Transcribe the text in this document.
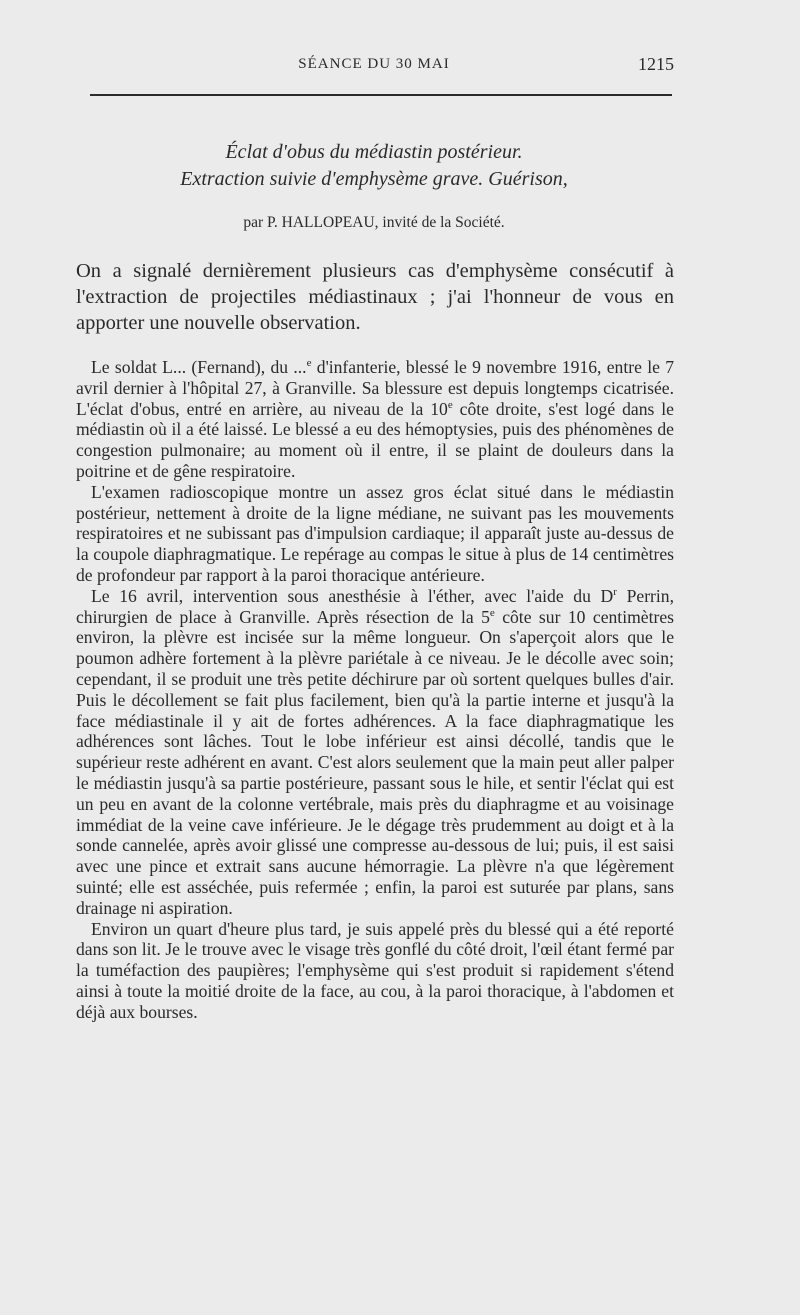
SÉANCE DU 30 MAI	1215
Éclat d'obus du médiastin postérieur.
Extraction suivie d'emphysème grave. Guérison,
par P. HALLOPEAU, invité de la Société.
On a signalé dernièrement plusieurs cas d'emphysème consécutif à l'extraction de projectiles médiastinaux ; j'ai l'honneur de vous en apporter une nouvelle observation.

Le soldat L... (Fernand), du ...$^e$ d'infanterie, blessé le 9 novembre 1916, entre le 7 avril dernier à l'hôpital 27, à Granville. Sa blessure est depuis longtemps cicatrisée. L'éclat d'obus, entré en arrière, au niveau de la 10e côte droite, s'est logé dans le médiastin où il a été laissé. Le blessé a eu des hémoptysies, puis des phénomènes de congestion pulmonaire; au moment où il entre, il se plaint de douleurs dans la poitrine et de gêne respiratoire.

L'examen radioscopique montre un assez gros éclat situé dans le médiastin postérieur, nettement à droite de la ligne médiane, ne suivant pas les mouvements respiratoires et ne subissant pas d'impulsion cardiaque; il apparaît juste au-dessus de la coupole diaphragmatique. Le repérage au compas le situe à plus de 14 centimètres de profondeur par rapport à la paroi thoracique antérieure.

Le 16 avril, intervention sous anesthésie à l'éther, avec l'aide du $D^r$ Perrin, chirurgien de place à Granville. Après résection de la 5e côte sur 10 centimètres environ, la plèvre est incisée sur la même longueur. On s'aperçoit alors que le poumon adhère fortement à la plèvre pariétale à ce niveau. Je le décolle avec soin; cependant, il se produit une très petite déchirure par où sortent quelques bulles d'air. Puis le décollement se fait plus facilement, bien qu'à la partie interne et jusqu'à la face médiastinale il y ait de fortes adhérences. A la face diaphragmatique les adhérences sont lâches. Tout le lobe inférieur est ainsi décollé, tandis que le supérieur reste adhérent en avant. C'est alors seulement que la main peut aller palper le médiastin jusqu'à sa partie postérieure, passant sous le hile, et sentir l'éclat qui est un peu en avant de la colonne vertébrale, mais près du diaphragme et au voisinage immédiat de la veine cave inférieure. Je le dégage très prudemment au doigt et à la sonde cannelée, après avoir glissé une compresse au-dessous de lui; puis, il est saisi avec une pince et extrait sans aucune hémorragie. La plèvre n'a que légèrement suinté; elle est asséchée, puis refermée ; enfin, la paroi est suturée par plans, sans drainage ni aspiration.

Environ un quart d'heure plus tard, je suis appelé près du blessé qui a été reporté dans son lit. Je le trouve avec le visage très gonflé du côté droit, l'œil étant fermé par la tuméfaction des paupières; l'emphysème qui s'est produit si rapidement s'étend ainsi à toute la moitié droite de la face, au cou, à la paroi thoracique, à l'abdomen et déjà aux bourses.
